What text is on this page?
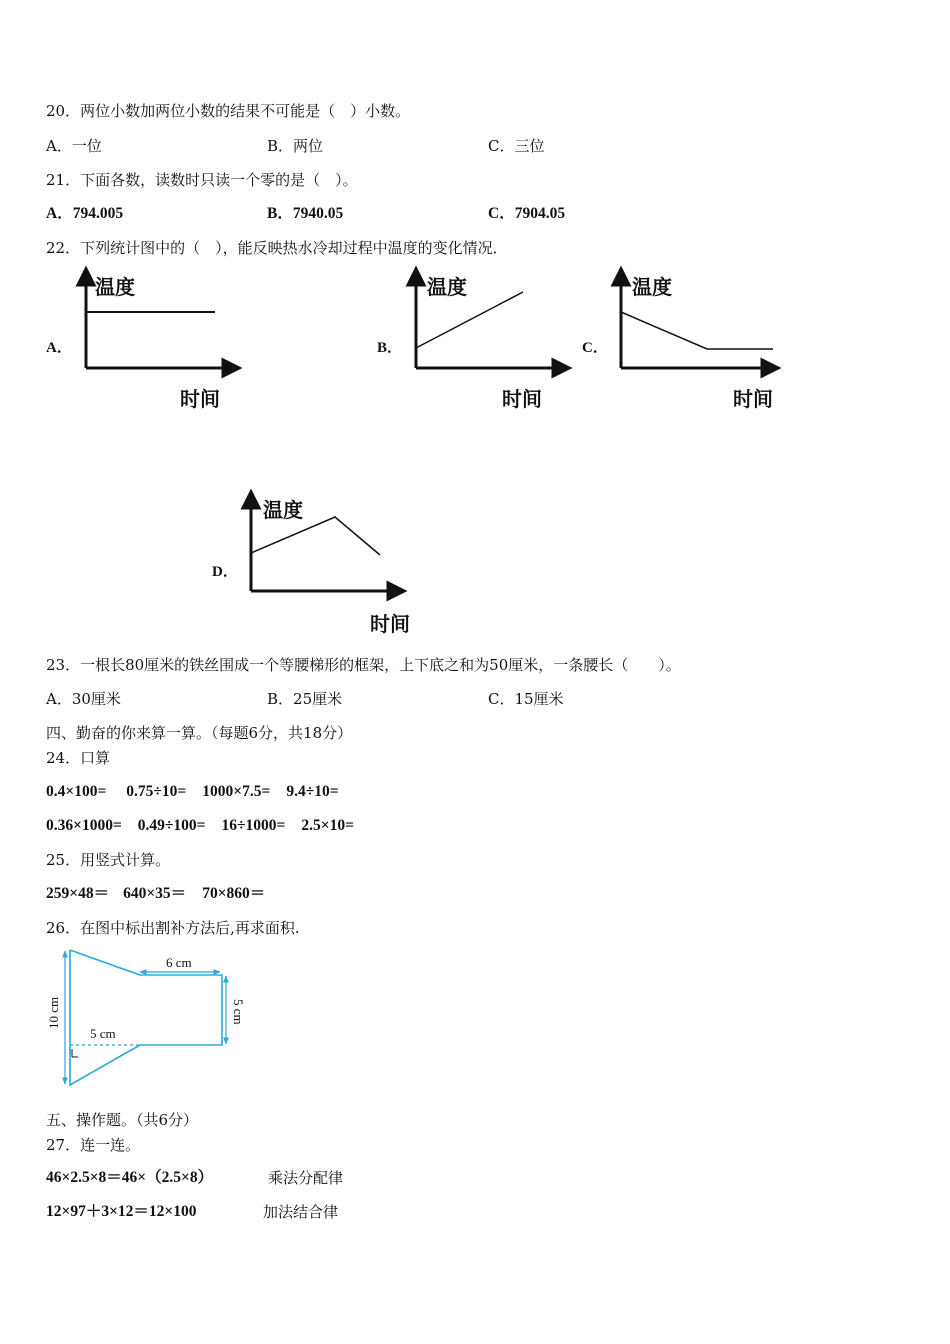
20．两位小数加两位小数的结果不可能是（　）小数。
A．一位	B．两位	C．三位
21．下面各数，读数时只读一个零的是（　）。
A．794.005	B．7940.05	C．7904.05
22．下列统计图中的（　），能反映热水冷却过程中温度的变化情况．
A．
温度
时间
B．
温度
时间
C．
温度
时间
D．
温度
时间
23．一根长80厘米的铁丝围成一个等腰梯形的框架，上下底之和为50厘米，一条腰长（　　）。
A．30厘米	B．25厘米	C．15厘米
四、勤奋的你来算一算。（每题6分，共18分）
24．口算
0.4×100= 0.75÷10= 1000×7.5= 9.4÷10=
0.36×1000= 0.49÷100= 16÷1000= 2.5×10=
25．用竖式计算。
259×48＝ 640×35＝ 70×860＝
26．在图中标出割补方法后,再求面积.
6 cm
5 cm
10 cm
5 cm
五、操作题。（共6分）
27．连一连。
46×2.5×8＝46×（2.5×8）	乘法分配律
12×97＋3×12＝12×100	加法结合律
